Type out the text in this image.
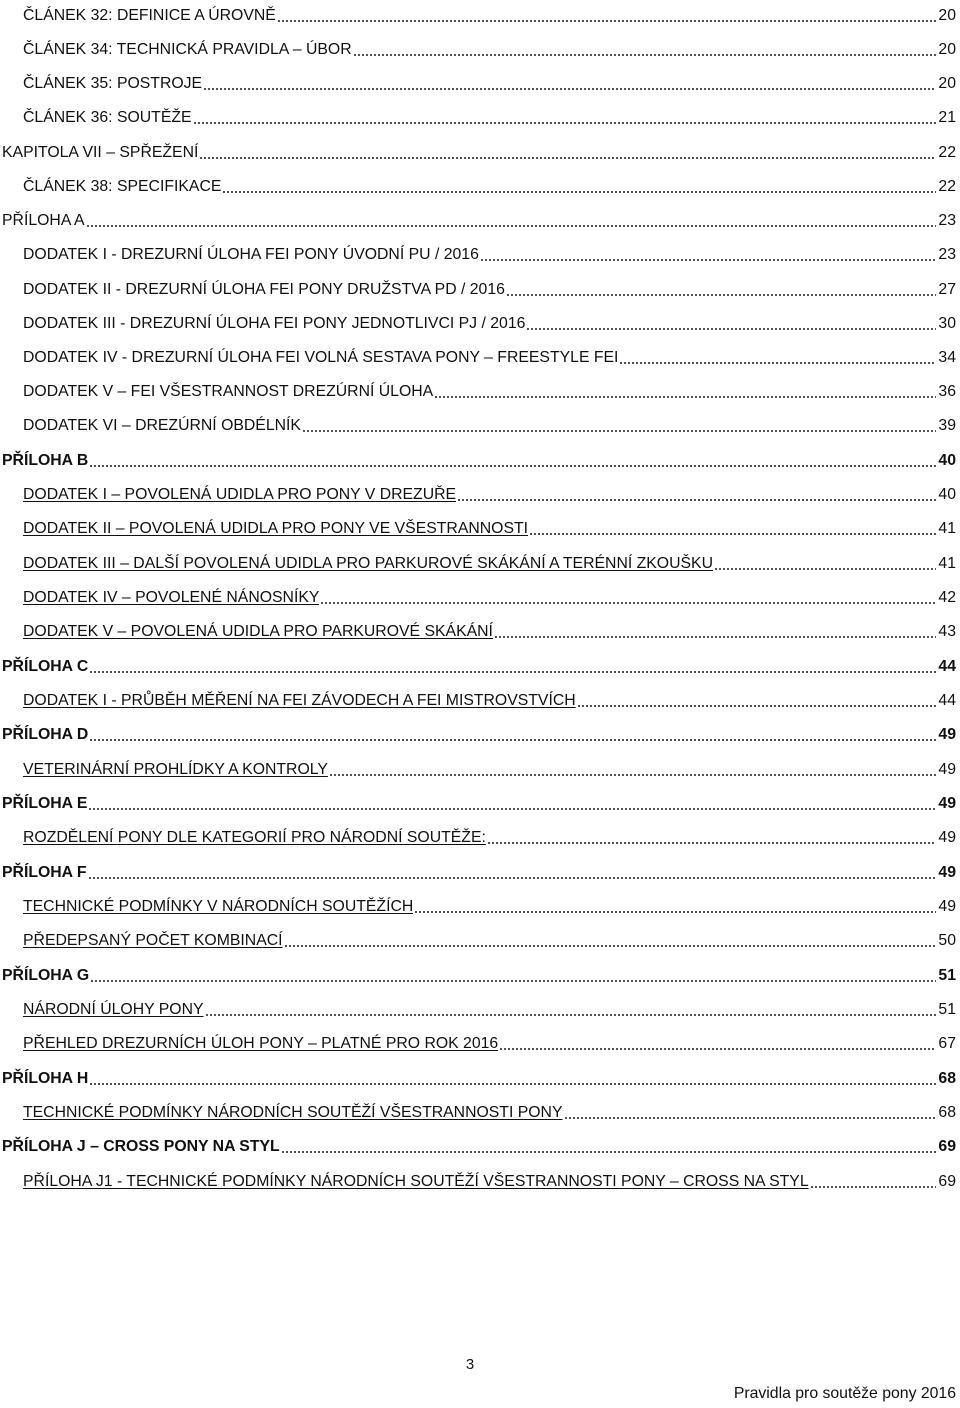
ČLÁNEK 32: DEFINICE A ÚROVNĚ	20
ČLÁNEK 34: TECHNICKÁ PRAVIDLA – ÚBOR	20
ČLÁNEK 35: POSTROJE	20
ČLÁNEK 36: SOUTĚŽE	21
KAPITOLA VII – SPŘEŽENÍ	22
ČLÁNEK 38: SPECIFIKACE	22
PŘÍLOHA A	23
DODATEK I - DREZURNÍ ÚLOHA FEI PONY ÚVODNÍ PU / 2016	23
DODATEK II - DREZURNÍ ÚLOHA FEI PONY DRUŽSTVA PD / 2016	27
DODATEK III - DREZURNÍ ÚLOHA FEI PONY JEDNOTLIVCI PJ / 2016	30
DODATEK IV - DREZURNÍ ÚLOHA FEI VOLNÁ SESTAVA PONY – FREESTYLE FEI	34
DODATEK V – FEI VŠESTRANNOST DREZÚRNÍ ÚLOHA	36
DODATEK VI – DREZÚRNÍ OBDÉLNÍK	39
PŘÍLOHA B	40
DODATEK I – POVOLENÁ UDIDLA PRO PONY V DREZUŘE	40
DODATEK II – POVOLENÁ UDIDLA PRO PONY VE VŠESTRANNOSTI	41
DODATEK III – DALŠÍ POVOLENÁ UDIDLA PRO PARKUROVÉ SKÁKÁNÍ A TERÉNNÍ ZKOUŠKU	41
DODATEK IV – POVOLENÉ NÁNOSNÍKY	42
DODATEK V – POVOLENÁ UDIDLA PRO PARKUROVÉ SKÁKÁNÍ	43
PŘÍLOHA C	44
DODATEK I - PRŮBĚH MĚŘENÍ NA FEI ZÁVODECH A FEI MISTROVSTVÍCH	44
PŘÍLOHA D	49
VETERINÁRNÍ PROHLÍDKY A KONTROLY	49
PŘÍLOHA E	49
ROZDĚLENÍ PONY DLE KATEGORIÍ PRO NÁRODNÍ SOUTĚŽE:	49
PŘÍLOHA F	49
TECHNICKÉ PODMÍNKY V NÁRODNÍCH SOUTĚŽÍCH	49
PŘEDEPSANÝ POČET KOMBINACÍ	50
PŘÍLOHA G	51
NÁRODNÍ ÚLOHY PONY	51
PŘEHLED DREZURNÍCH ÚLOH PONY – PLATNÉ PRO ROK 2016	67
PŘÍLOHA H	68
TECHNICKÉ PODMÍNKY NÁRODNÍCH SOUTĚŽÍ VŠESTRANNOSTI PONY	68
PŘÍLOHA J – CROSS PONY NA STYL	69
PŘÍLOHA J1 - TECHNICKÉ PODMÍNKY NÁRODNÍCH SOUTĚŽÍ VŠESTRANNOSTI PONY – CROSS NA STYL	69
3
Pravidla pro soutěže pony 2016
